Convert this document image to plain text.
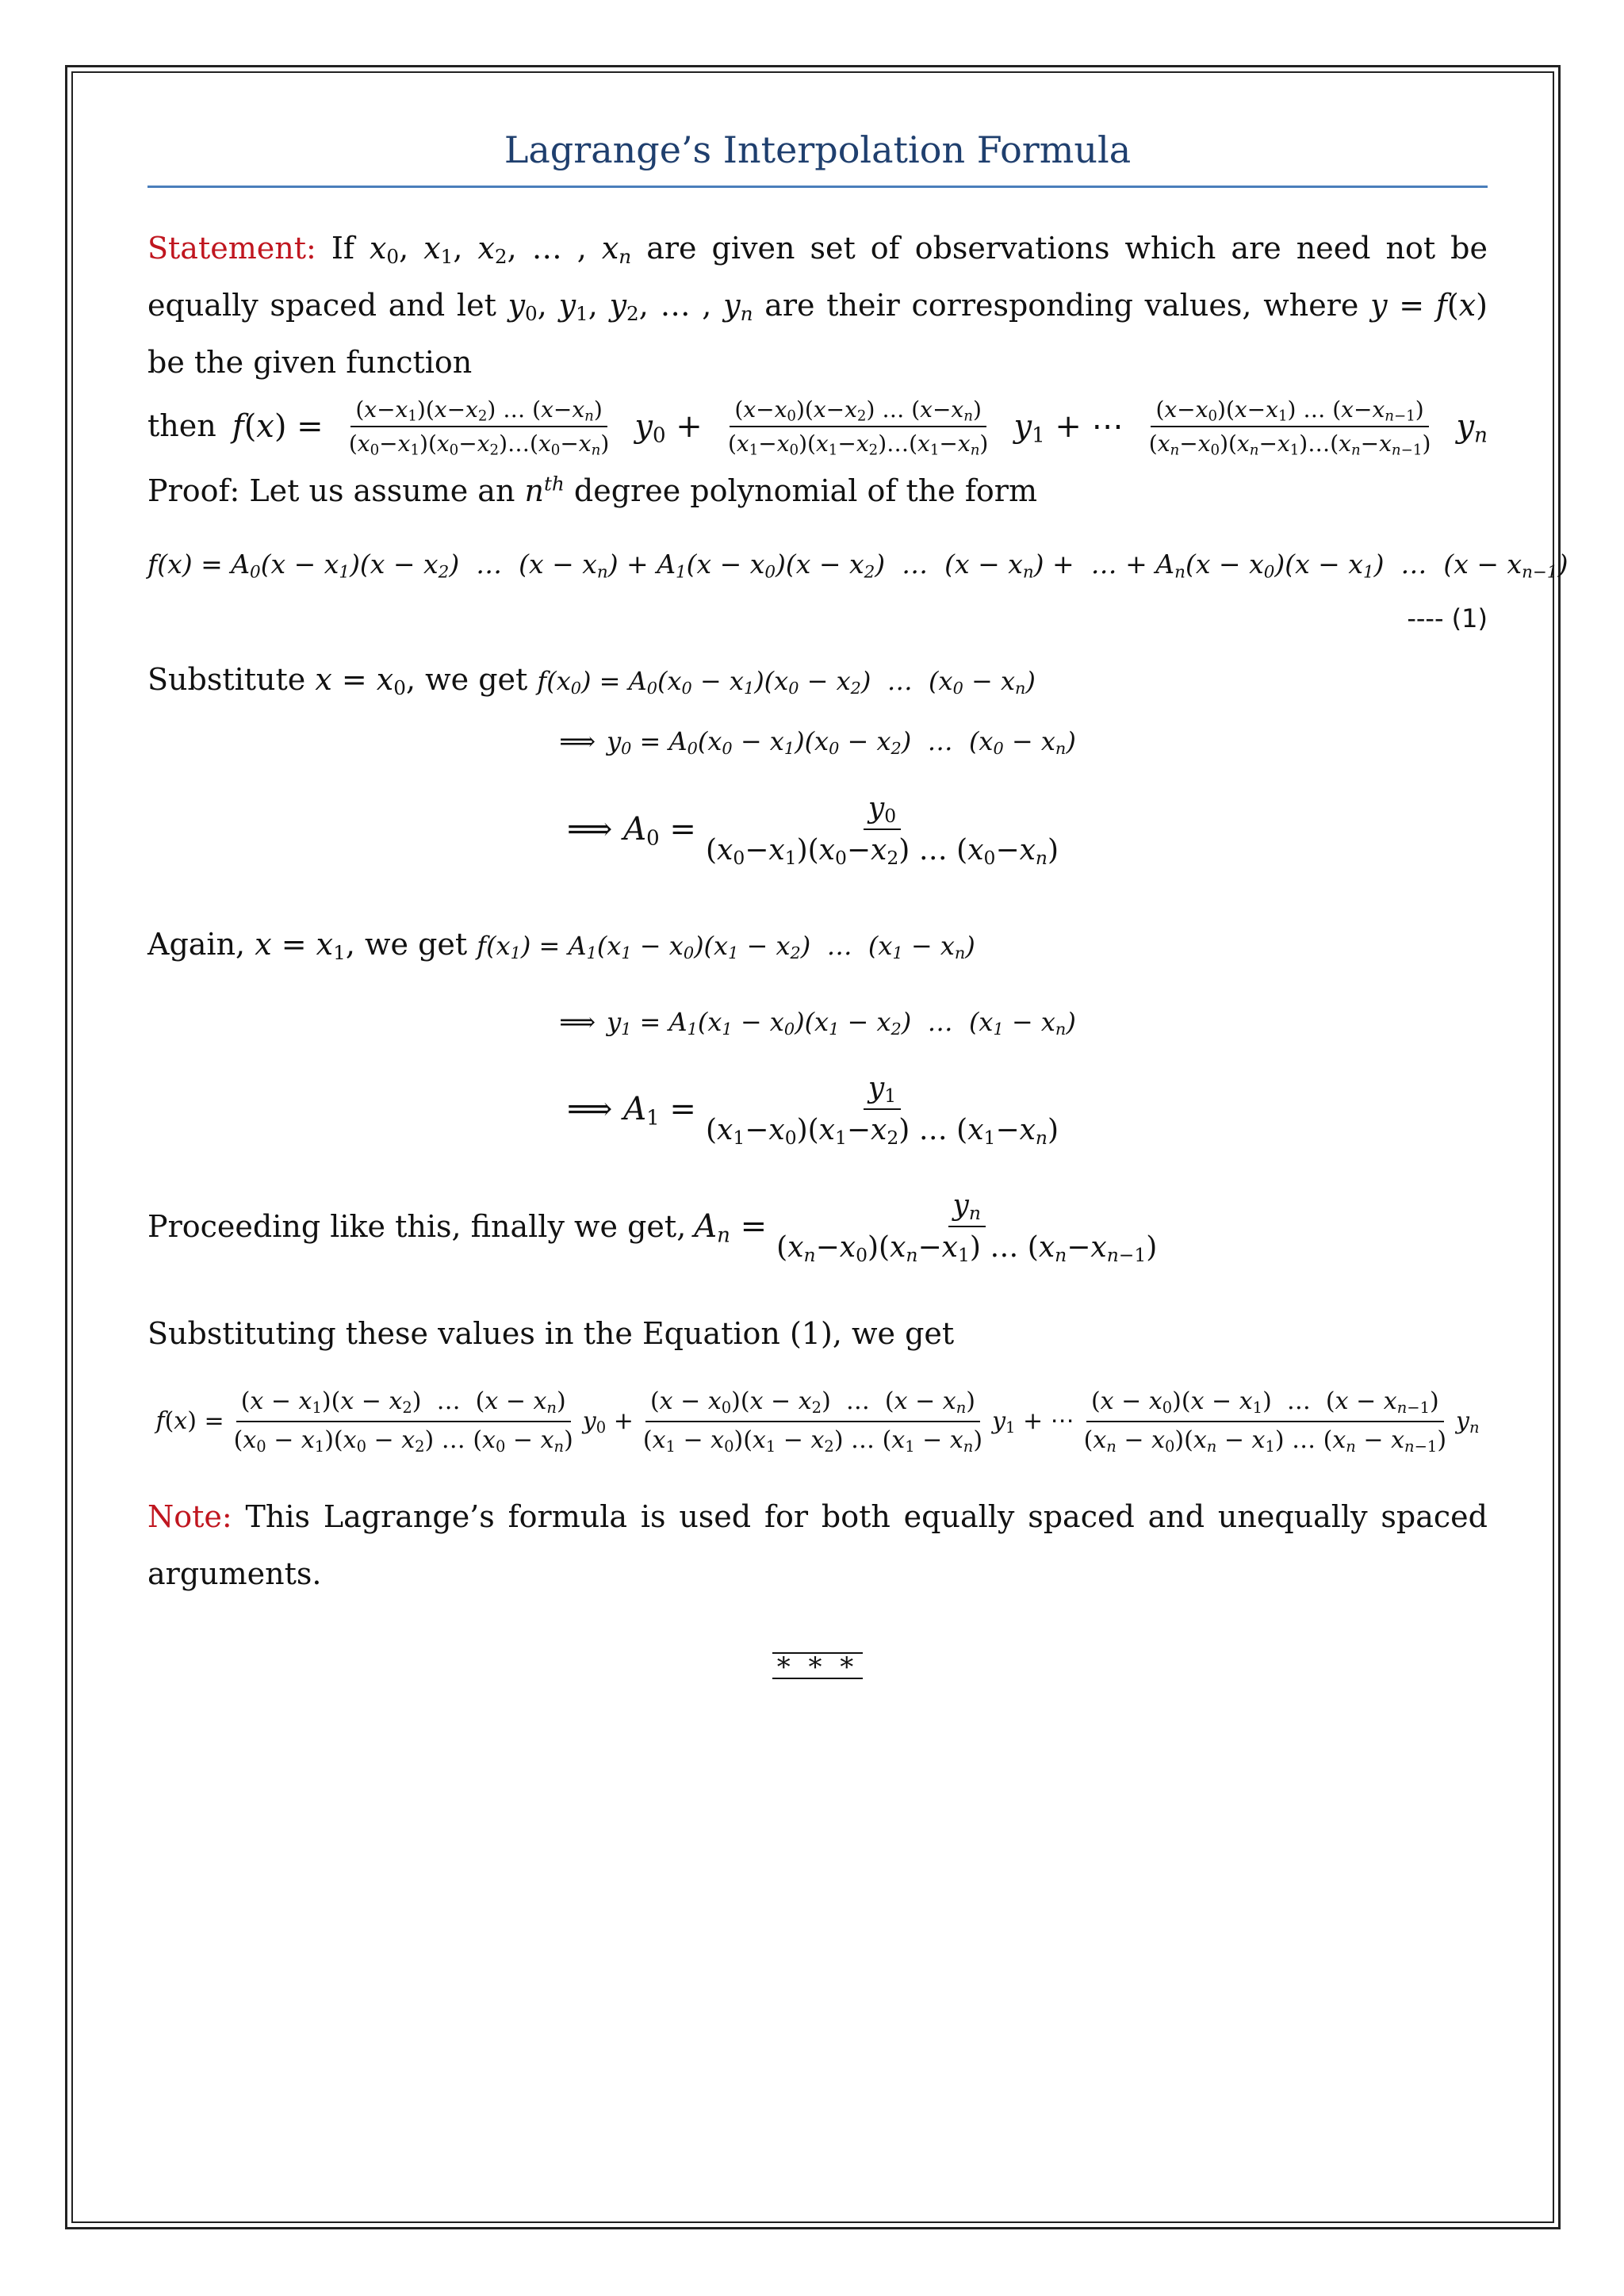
Lagrange’s Interpolation Formula

Statement: If $x_0$, $x_1$, $x_2$, … , $x_n$ are given set of observations which are need not be equally spaced and let $y_0$, $y_1$, $y_2$, … , $y_n$ are their corresponding values, where y = f(x) be the given function

then $f(x) = \frac{(x-x_1)(x-x_2) \dots (x-x_n)}{(x_0-x_1)(x_0-x_2)\dots(x_0-x_n)} y_0 + \frac{(x-x_0)(x-x_2) \dots (x-x_n)}{(x_1-x_0)(x_1-x_2)\dots(x_1-x_n)} y_1$ + ⋯ $\frac{(x-x_0)(x-x_1) \dots (x-x_{n-1})}{(x_n-x_0)(x_n-x_1)\dots(x_n-x_{n-1})} y_n$

Proof: Let us assume an $n^{th}$ degree polynomial of the form

$f(x) = A_0(x - x_1)(x - x_2)$  …  $(x - x_n) + A_1(x - x_0)(x - x_2)$  …  $(x - x_n)$ +  … + $A_n(x - x_0)(x - x_1)$  …  $(x - x_{n-1})$
---- (1)

Substitute $x = x_0$, we get $f(x_0) = A_0(x_0 - x_1)(x_0 - x_2)$  …  $(x_0 - x_n)$

⟹ $y_0 = A_0(x_0 - x_1)(x_0 - x_2)$  …  $(x_0 - x_n)$
⟹ $A_0 = \frac{y_0}{(x_0-x_1)(x_0-x_2) \dots (x_0-x_n)}$

Again, $x = x_1$, we get $f(x_1) = A_1(x_1 - x_0)(x_1 - x_2)$  …  $(x_1 - x_n)$

⟹ $y_1 = A_1(x_1 - x_0)(x_1 - x_2)$  …  $(x_1 - x_n)$
⟹ $A_1 = \frac{y_1}{(x_1-x_0)(x_1-x_2) \dots (x_1-x_n)}$
Proceeding like this, finally we get, $A_n = \frac{y_n}{(x_n-x_0)(x_n-x_1) \dots (x_n-x_{n-1})}$

Substituting these values in the Equation (1), we get

$f(x) = \frac{(x - x_1)(x - x_2) \dots (x - x_n)}{(x_0 - x_1)(x_0 - x_2) \dots (x_0 - x_n)} y_0 + \frac{(x - x_0)(x - x_2) \dots (x - x_n)}{(x_1 - x_0)(x_1 - x_2) \dots (x_1 - x_n)} y_1$ + ⋯ $\frac{(x - x_0)(x - x_1) \dots (x - x_{n-1})}{(x_n - x_0)(x_n - x_1) \dots (x_n - x_{n-1})} y_n$

Note: This Lagrange’s formula is used for both equally spaced and unequally spaced arguments.

* * *
